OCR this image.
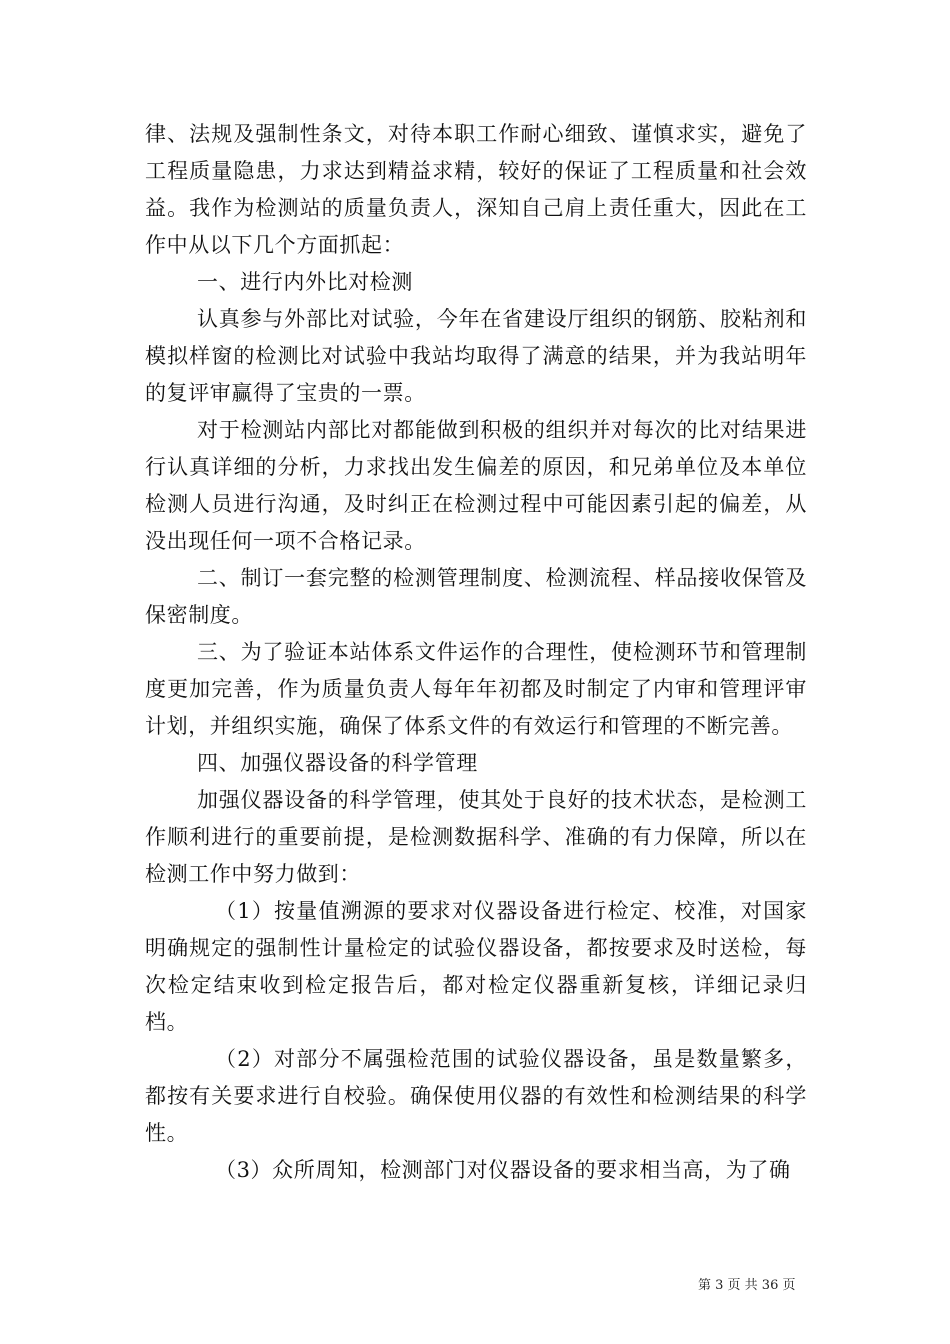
律、法规及强制性条文，对待本职工作耐心细致、谨慎求实，避免了工程质量隐患，力求达到精益求精，较好的保证了工程质量和社会效益。我作为检测站的质量负责人，深知自己肩上责任重大，因此在工作中从以下几个方面抓起：

一、进行内外比对检测

认真参与外部比对试验，今年在省建设厅组织的钢筋、胶粘剂和模拟样窗的检测比对试验中我站均取得了满意的结果，并为我站明年的复评审赢得了宝贵的一票。

对于检测站内部比对都能做到积极的组织并对每次的比对结果进行认真详细的分析，力求找出发生偏差的原因，和兄弟单位及本单位检测人员进行沟通，及时纠正在检测过程中可能因素引起的偏差，从没出现任何一项不合格记录。

二、制订一套完整的检测管理制度、检测流程、样品接收保管及保密制度。

三、为了验证本站体系文件运作的合理性，使检测环节和管理制度更加完善，作为质量负责人每年年初都及时制定了内审和管理评审计划，并组织实施，确保了体系文件的有效运行和管理的不断完善。

四、加强仪器设备的科学管理

加强仪器设备的科学管理，使其处于良好的技术状态，是检测工作顺利进行的重要前提，是检测数据科学、准确的有力保障，所以在检测工作中努力做到：

（1）按量值溯源的要求对仪器设备进行检定、校准，对国家明确规定的强制性计量检定的试验仪器设备，都按要求及时送检，每次检定结束收到检定报告后，都对检定仪器重新复核，详细记录归档。

（2）对部分不属强检范围的试验仪器设备，虽是数量繁多，都按有关要求进行自校验。确保使用仪器的有效性和检测结果的科学性。

（3）众所周知，检测部门对仪器设备的要求相当高，为了确

第 3 页 共 36 页
